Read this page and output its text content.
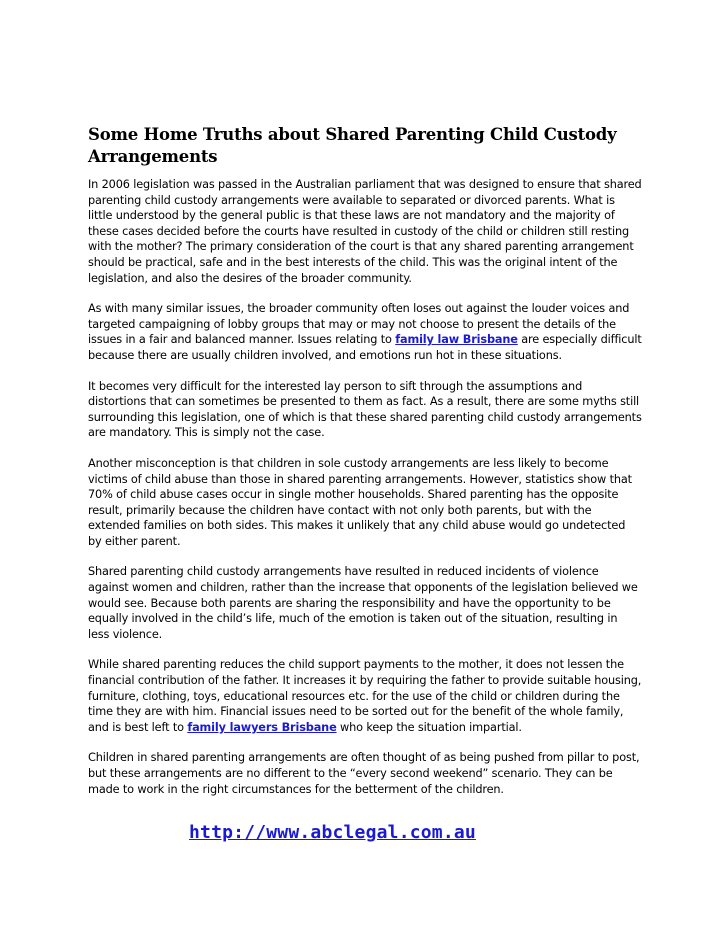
Some Home Truths about Shared Parenting Child Custody Arrangements

In 2006 legislation was passed in the Australian parliament that was designed to ensure that shared parenting child custody arrangements were available to separated or divorced parents. What is little understood by the general public is that these laws are not mandatory and the majority of these cases decided before the courts have resulted in custody of the child or children still resting with the mother? The primary consideration of the court is that any shared parenting arrangement should be practical, safe and in the best interests of the child. This was the original intent of the legislation, and also the desires of the broader community.

As with many similar issues, the broader community often loses out against the louder voices and targeted campaigning of lobby groups that may or may not choose to present the details of the issues in a fair and balanced manner. Issues relating to family law Brisbane are especially difficult because there are usually children involved, and emotions run hot in these situations.

It becomes very difficult for the interested lay person to sift through the assumptions and distortions that can sometimes be presented to them as fact. As a result, there are some myths still surrounding this legislation, one of which is that these shared parenting child custody arrangements are mandatory. This is simply not the case.

Another misconception is that children in sole custody arrangements are less likely to become victims of child abuse than those in shared parenting arrangements. However, statistics show that 70% of child abuse cases occur in single mother households. Shared parenting has the opposite result, primarily because the children have contact with not only both parents, but with the extended families on both sides. This makes it unlikely that any child abuse would go undetected by either parent.

Shared parenting child custody arrangements have resulted in reduced incidents of violence against women and children, rather than the increase that opponents of the legislation believed we would see. Because both parents are sharing the responsibility and have the opportunity to be equally involved in the child’s life, much of the emotion is taken out of the situation, resulting in less violence.

While shared parenting reduces the child support payments to the mother, it does not lessen the financial contribution of the father. It increases it by requiring the father to provide suitable housing, furniture, clothing, toys, educational resources etc. for the use of the child or children during the time they are with him. Financial issues need to be sorted out for the benefit of the whole family, and is best left to family lawyers Brisbane who keep the situation impartial.

Children in shared parenting arrangements are often thought of as being pushed from pillar to post, but these arrangements are no different to the “every second weekend” scenario. They can be made to work in the right circumstances for the betterment of the children.

http://www.abclegal.com.au
